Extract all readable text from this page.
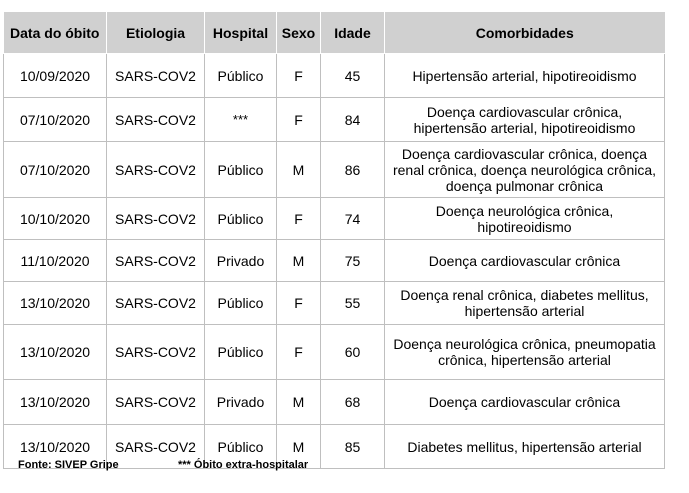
Data do óbito	Etiologia	Hospital	Sexo	Idade	Comorbidades
10/09/2020	SARS-COV2	Público	F	45	Hipertensão arterial, hipotireoidismo
07/10/2020	SARS-COV2	***	F	84	Doença cardiovascular crônica, hipertensão arterial, hipotireoidismo
07/10/2020	SARS-COV2	Público	M	86	Doença cardiovascular crônica, doença renal crônica, doença neurológica crônica, doença pulmonar crônica
10/10/2020	SARS-COV2	Público	F	74	Doença neurológica crônica, hipotireoidismo
11/10/2020	SARS-COV2	Privado	M	75	Doença cardiovascular crônica
13/10/2020	SARS-COV2	Público	F	55	Doença renal crônica, diabetes mellitus, hipertensão arterial
13/10/2020	SARS-COV2	Público	F	60	Doença neurológica crônica, pneumopatia crônica, hipertensão arterial
13/10/2020	SARS-COV2	Privado	M	68	Doença cardiovascular crônica
13/10/2020	SARS-COV2	Público	M	85	Diabetes mellitus, hipertensão arterial
Fonte: SIVEP Gripe	*** Óbito extra-hospitalar
